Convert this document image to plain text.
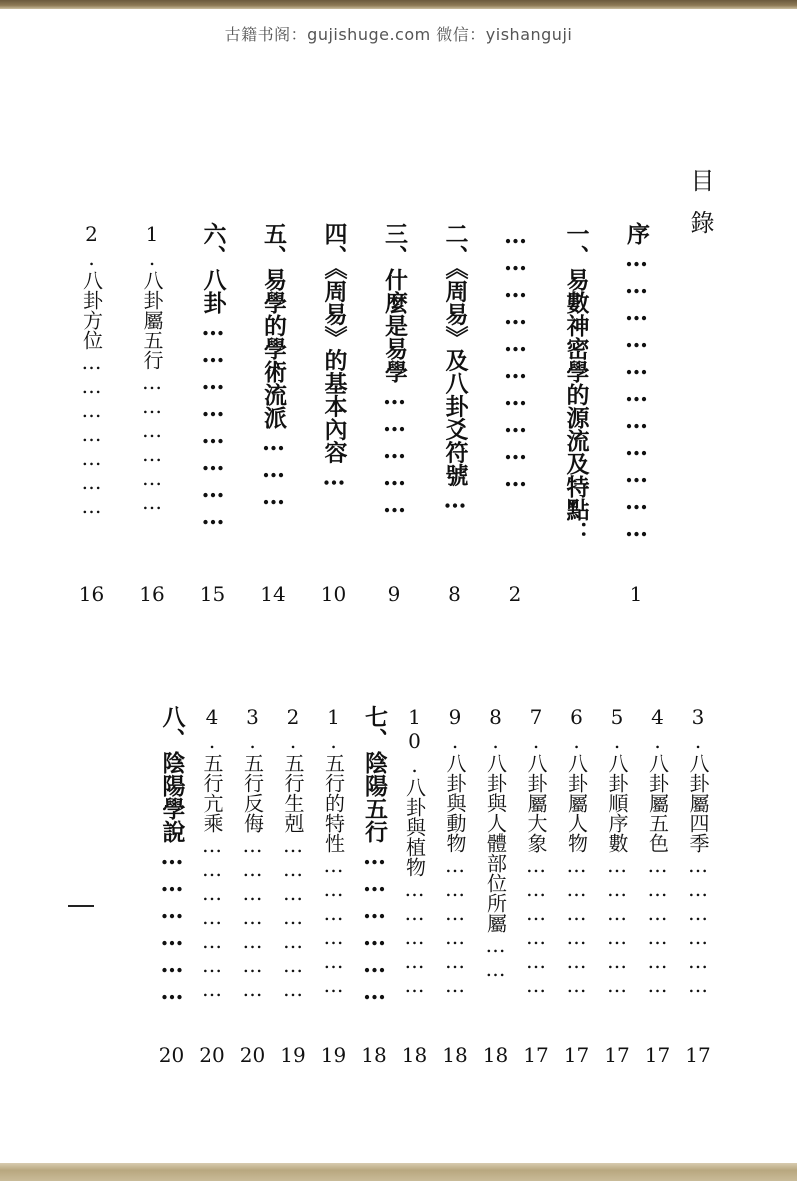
古籍书阁：gujishuge.com 微信：yishanguji
目錄
序……………………………
1
一、易數神密學的源流及特點：
…………………………
2
二、《周易》及八卦爻符號…
8
三、什麼是易學……………
9
四、《周易》的基本內容…
10
五、易學的學術流派………
14
六、八卦……………………
15
1.八卦屬五行………………
16
2.八卦方位…………………
16
3.八卦屬四季………………
17
4.八卦屬五色………………
17
5.八卦順序數………………
17
6.八卦屬人物………………
17
7.八卦屬大象………………
17
8.八卦與人體部位所屬……
18
9.八卦與動物………………
18
10.八卦與植物……………
18
七、陰陽五行………………
18
1.五行的特性………………
19
2.五行生剋…………………
19
3.五行反侮…………………
20
4.五行亢乘…………………
20
八、陰陽學說………………
20
